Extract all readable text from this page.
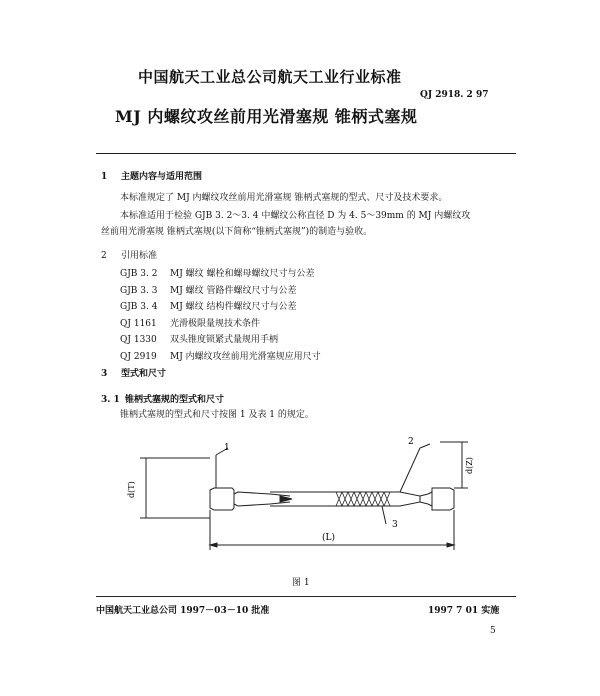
中国航天工业总公司航天工业行业标准
QJ 2918. 2 97
MJ 内螺纹攻丝前用光滑塞规 锥柄式塞规
1 主题内容与适用范围
本标准规定了 MJ 内螺纹攻丝前用光滑塞规 锥柄式塞规的型式、尺寸及技术要求。
本标准适用于检验 GJB 3. 2～3. 4 中螺纹公称直径 D 为 4. 5～39mm 的 MJ 内螺纹攻
丝前用光滑塞规 锥柄式塞规(以下简称“锥柄式塞规”)的制造与验收。
2 引用标准
GJB 3. 2 MJ 螺纹 螺栓和螺母螺纹尺寸与公差
GJB 3. 3 MJ 螺纹 管路件螺纹尺寸与公差
GJB 3. 4 MJ 螺纹 结构件螺纹尺寸与公差
QJ 1161 光滑极限量规技术条件
QJ 1330 双头锥度锁紧式量规用手柄
QJ 2919 MJ 内螺纹攻丝前用光滑塞规应用尺寸
3 型式和尺寸
3. 1 锥柄式塞规的型式和尺寸
锥柄式塞规的型式和尺寸按图 1 及表 1 的规定。
1
2
3
d(T)
d(Z)
(L)
图 1
中国航天工业总公司 1997－03－10 批准	1997 7 01 实施
5
